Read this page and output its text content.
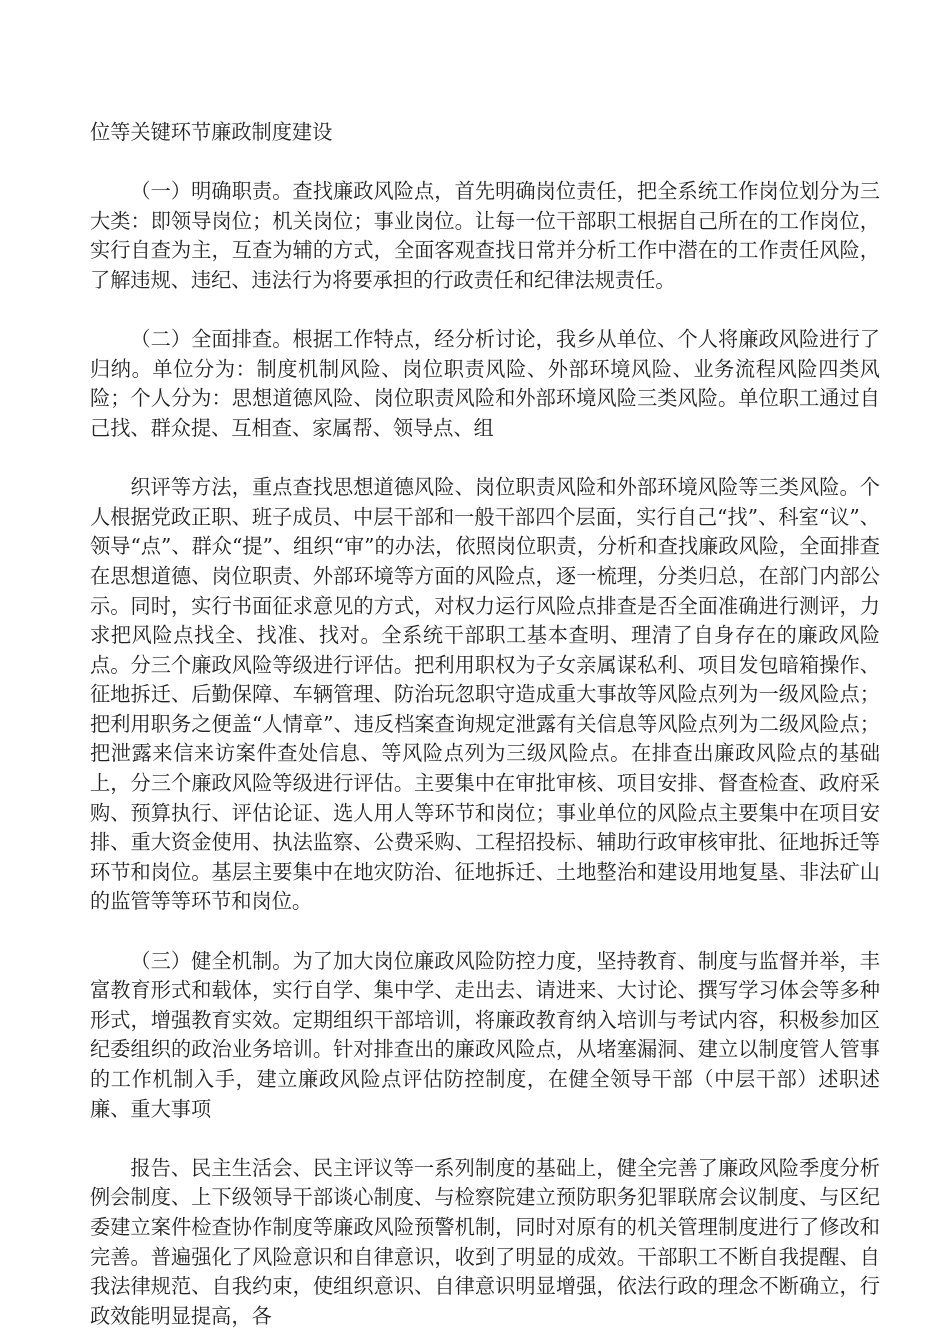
位等关键环节廉政制度建设

（一）明确职责。查找廉政风险点，首先明确岗位责任，把全系统工作岗位划分为三大类：即领导岗位；机关岗位；事业岗位。让每一位干部职工根据自己所在的工作岗位，实行自查为主，互查为辅的方式，全面客观查找日常并分析工作中潜在的工作责任风险，了解违规、违纪、违法行为将要承担的行政责任和纪律法规责任。

（二）全面排查。根据工作特点，经分析讨论，我乡从单位、个人将廉政风险进行了归纳。单位分为：制度机制风险、岗位职责风险、外部环境风险、业务流程风险四类风险；个人分为：思想道德风险、岗位职责风险和外部环境风险三类风险。单位职工通过自己找、群众提、互相查、家属帮、领导点、组

织评等方法，重点查找思想道德风险、岗位职责风险和外部环境风险等三类风险。个人根据党政正职、班子成员、中层干部和一般干部四个层面，实行自己“找”、科室“议”、领导“点”、群众“提”、组织“审”的办法，依照岗位职责，分析和查找廉政风险，全面排查在思想道德、岗位职责、外部环境等方面的风险点，逐一梳理，分类归总，在部门内部公示。同时，实行书面征求意见的方式，对权力运行风险点排查是否全面准确进行测评，力求把风险点找全、找准、找对。全系统干部职工基本查明、理清了自身存在的廉政风险点。分三个廉政风险等级进行评估。把利用职权为子女亲属谋私利、项目发包暗箱操作、征地拆迁、后勤保障、车辆管理、防治玩忽职守造成重大事故等风险点列为一级风险点；把利用职务之便盖“人情章”、违反档案查询规定泄露有关信息等风险点列为二级风险点；把泄露来信来访案件查处信息、等风险点列为三级风险点。在排查出廉政风险点的基础上，分三个廉政风险等级进行评估。主要集中在审批审核、项目安排、督查检查、政府采购、预算执行、评估论证、选人用人等环节和岗位；事业单位的风险点主要集中在项目安排、重大资金使用、执法监察、公费采购、工程招投标、辅助行政审核审批、征地拆迁等环节和岗位。基层主要集中在地灾防治、征地拆迁、土地整治和建设用地复垦、非法矿山的监管等等环节和岗位。

（三）健全机制。为了加大岗位廉政风险防控力度，坚持教育、制度与监督并举，丰富教育形式和载体，实行自学、集中学、走出去、请进来、大讨论、撰写学习体会等多种形式，增强教育实效。定期组织干部培训，将廉政教育纳入培训与考试内容，积极参加区纪委组织的政治业务培训。针对排查出的廉政风险点，从堵塞漏洞、建立以制度管人管事的工作机制入手，建立廉政风险点评估防控制度，在健全领导干部（中层干部）述职述廉、重大事项

报告、民主生活会、民主评议等一系列制度的基础上，健全完善了廉政风险季度分析例会制度、上下级领导干部谈心制度、与检察院建立预防职务犯罪联席会议制度、与区纪委建立案件检查协作制度等廉政风险预警机制，同时对原有的机关管理制度进行了修改和完善。普遍强化了风险意识和自律意识，收到了明显的成效。干部职工不断自我提醒、自我法律规范、自我约束，使组织意识、自律意识明显增强，依法行政的理念不断确立，行政效能明显提高，各
